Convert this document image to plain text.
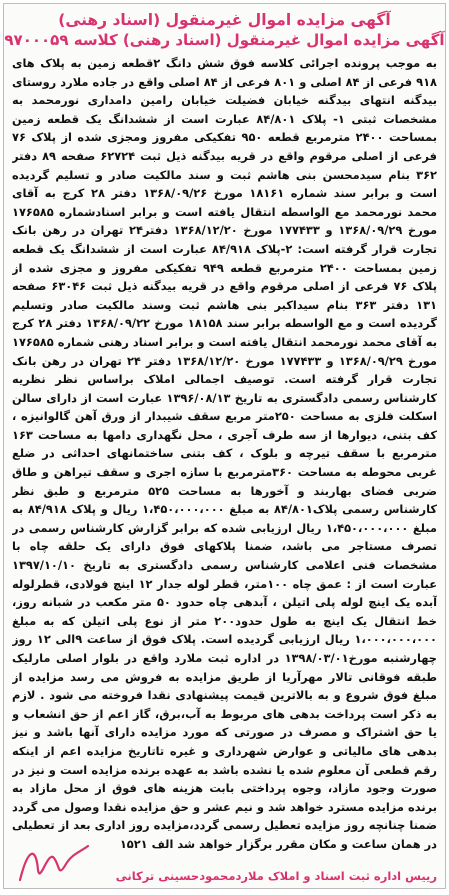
آگهی مزایده اموال غیرمنقول (اسناد رهنی)
آگهی مزایده اموال غیرمنقول (اسناد رهنی) کلاسه ۹۷۰۰۰۵۹

به موجب پرونده اجرائی کلاسه فوق شش دانگ ۲قطعه زمین به پلاک های ۹۱۸ فرعی از ۸۴ اصلی و ۸۰۱ فرعی از ۸۴ اصلی واقع در جاده ملارد روستای بیدگنه انتهای بیدگنه خیابان فضیلت خیابان رامین دامداری نورمحمد به مشخصات ثبتی ۱- پلاک ۸۴/۸۰۱ عبارت است از ششدانگ یک قطعه زمین بمساحت ۲۴۰۰ مترمربع قطعه ۹۵۰ تفکیکی مفروز ومجزی شده از پلاک ۷۶ فرعی از اصلی مرقوم واقع در قریه بیدگنه ذیل ثبت ۶۲۷۲۴ صفحه ۸۹ دفتر ۳۶۲ بنام سیدمحسن بنی هاشم ثبت و سند مالکیت صادر و تسلیم گردیده است و برابر سند شماره ۱۸۱۶۱ مورخ ۱۳۶۸/۰۹/۲۶ دفتر ۲۸ کرج به آقای محمد نورمحمد مع الواسطه انتقال یافته است و برابر اسنادشماره ۱۷۶۵۸۵ مورخ ۱۳۶۸/۰۹/۲۹ و ۱۷۷۴۳۳ مورخ ۱۳۶۸/۱۲/۲۰ دفتر۲۴ تهران در رهن بانک تجارت قرار گرفته است: ۲-پلاک ۸۴/۹۱۸ عبارت است از ششدانگ یک قطعه زمین بمساحت ۲۴۰۰ مترمربع قطعه ۹۴۹ تفکیکی مفروز و مجزی شده از پلاک ۷۶ فرعی از اصلی مرقوم واقع در قریه بیدگنه ذیل ثبت ۶۳۰۴۶ صفحه ۱۳۱ دفتر ۳۶۳ بنام سیداکبر بنی هاشم ثبت وسند مالکیت صادر وتسلیم گردیده است و مع الواسطه برابر سند ۱۸۱۵۸ مورخ ۱۳۶۸/۰۹/۲۲ دفتر ۲۸ کرج به آقای محمد نورمحمد انتقال یافته است و برابر اسناد رهنی شماره ۱۷۶۵۸۵ مورخ ۱۳۶۸/۰۹/۲۹ و ۱۷۷۴۳۳ مورخ ۱۳۶۸/۱۲/۲۰ دفتر ۲۴ تهران در رهن بانک تجارت قرار گرفته است. توصیف اجمالی املاک براساس نظر نظریه کارشناس رسمی دادگستری به تاریخ ۱۳۹۶/۰۸/۱۳ عبارت است از دارای سالن اسکلت فلزی به مساحت ۲۵۰متر مربع سقف شیبدار از ورق آهن گالوانیزه ، کف بتنی، دیوارها از سه طرف آجری ، محل نگهداری دامها به مساحت ۱۶۳ مترمربع با سقف تیرچه و بلوک ، کف بتنی ساختمانهای احداثی در ضلع غربی محوطه به مساحت ۳۶۰مترمربع با سازه اجری و سقف تیراهن و طاق ضربی فضای بهاربند و آخورها به مساحت ۵۲۵ مترمربع و طبق نظر کارشناس رسمی پلاک۸۴/۸۰۱ به مبلغ ۱،۴۵۰،۰۰۰،۰۰۰ ریال و پلاک ۸۴/۹۱۸ به مبلغ ۱،۴۵۰،۰۰۰،۰۰۰ ریال ارزیابی شده که برابر گزارش کارشناس رسمی در تصرف مستاجر می باشد، ضمنا پلاکهای فوق دارای یک حلقه چاه با مشخصات فنی اعلامی کارشناس رسمی دادگستری به تاریخ ۱۳۹۷/۱۰/۱۰ عبارت است از : عمق چاه ۱۰۰متر، قطر لوله جدار ۱۲ اینچ فولادی، قطرلوله آبده یک اینچ لوله پلی اتیلن ، آبدهی چاه حدود ۵۰ متر مکعب در شبانه روز، خط انتقال یک اینچ به طول حدود۲۰۰ متر از نوع پلی اتیلن که به مبلغ ۱،۰۰۰،۰۰۰،۰۰۰ ریال ارزیابی گردیده است. پلاک فوق از ساعت ۹الی ۱۲ روز چهارشنبه مورخ۱۳۹۸/۰۳/۰۱ در اداره ثبت ملارد واقع در بلوار اصلی مارلیک طبقه فوقانی تالار مهرآریا از طریق مزایده به فروش می رسد مزایده از مبلغ فوق شروع و به بالاترین قیمت پیشنهادی نقدا فروخته می شود . لازم به ذکر است پرداخت بدهی های مربوط به آب،برق، گاز اعم از حق انشعاب و یا حق اشتراک و مصرف در صورتی که مورد مزایده دارای آنها باشد و نیز بدهی های مالیاتی و عوارض شهرداری و غیره تاتاریخ مزایده اعم از اینکه رقم قطعی آن معلوم شده یا نشده باشد به عهده برنده مزایده است و نیز در صورت وجود مازاد، وجوه پرداختی بابت هزینه های فوق از محل مازاد به برنده مزایده مسترد خواهد شد و نیم عشر و حق مزایده نقدا وصول می گردد ضمنا چنانچه روز مزایده تعطیل رسمی گردد،مزایده روز اداری بعد از تعطیلی در همان ساعت و مکان مقرر برگزار خواهد شد الف ۱۵۲۱

رییس اداره ثبت اسناد و املاک ملاردمحمودحسینی ترکانی
